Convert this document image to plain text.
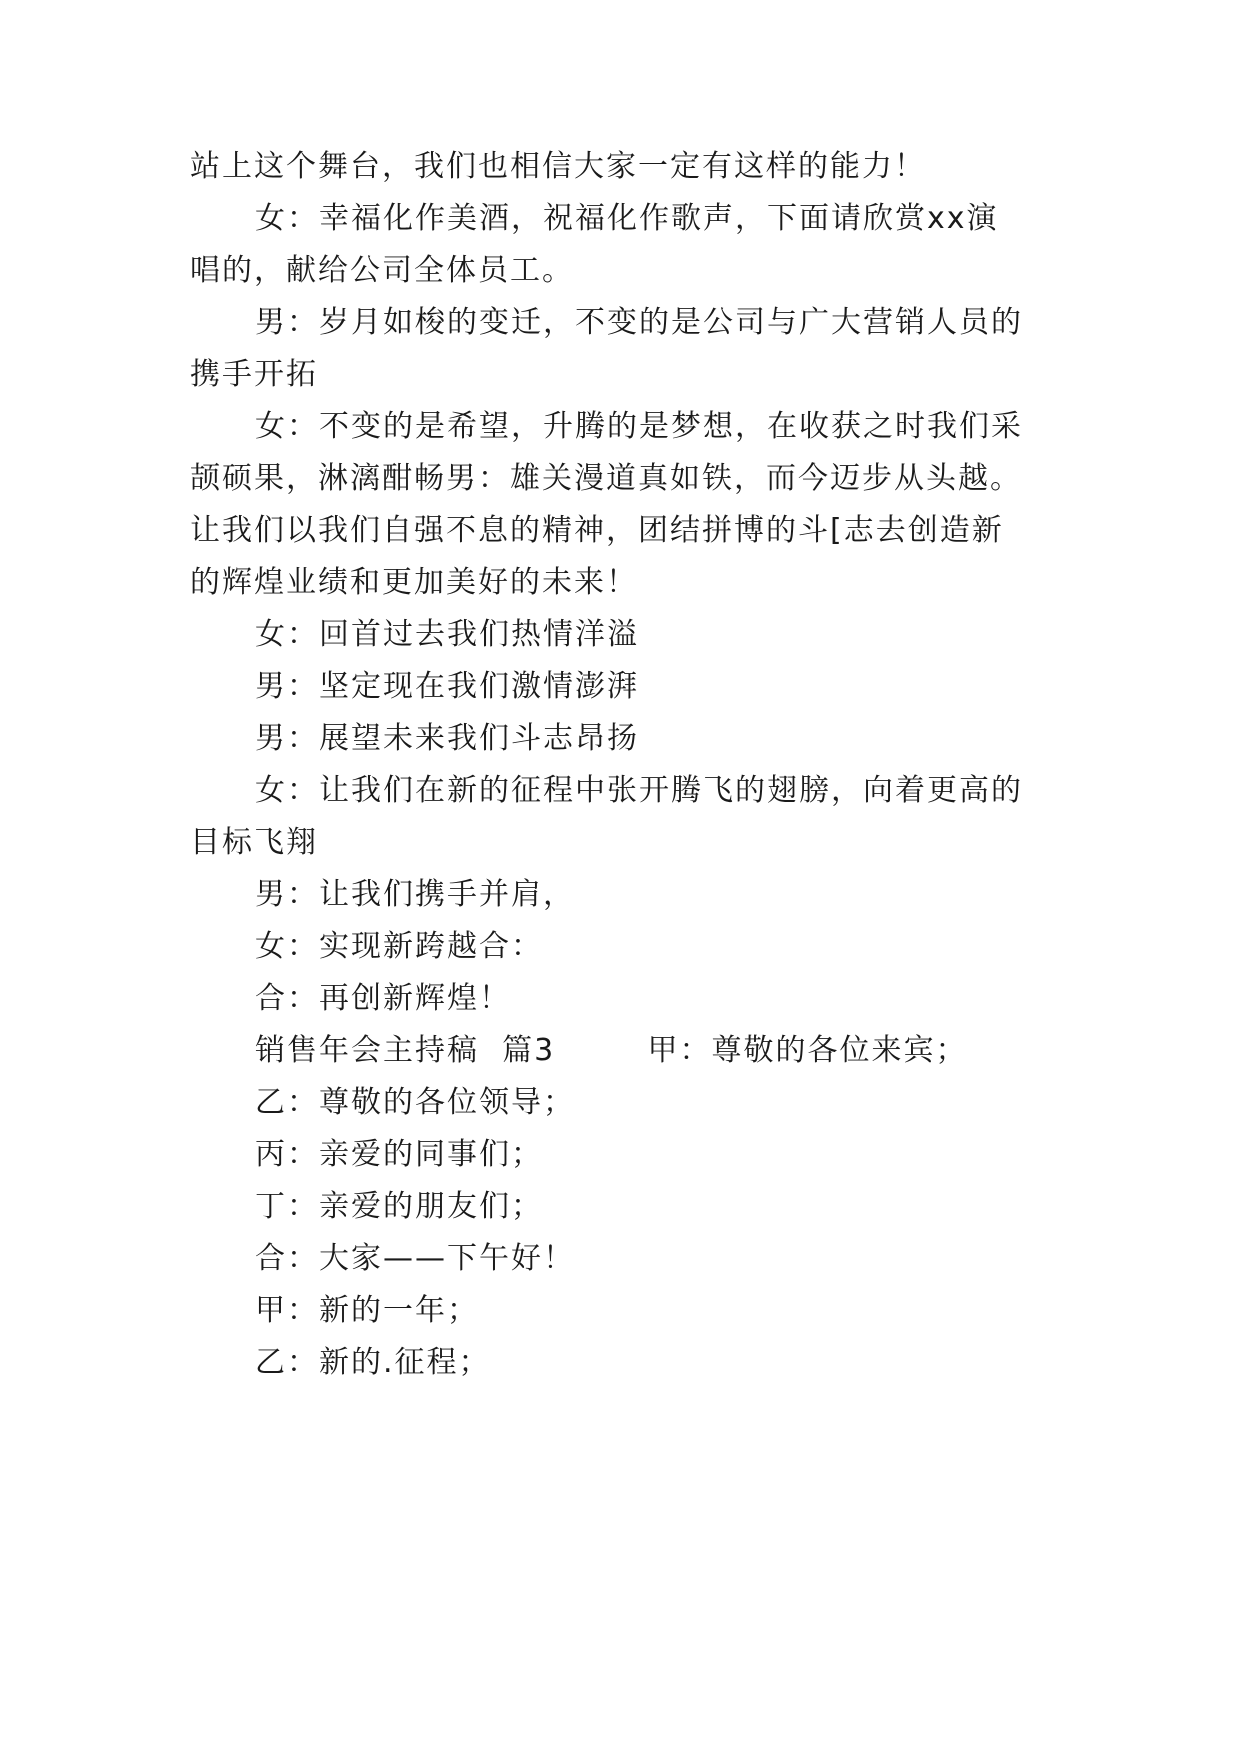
站上这个舞台，我们也相信大家一定有这样的能力！
女：幸福化作美酒，祝福化作歌声，下面请欣赏xx演
唱的，献给公司全体员工。
男：岁月如梭的变迁，不变的是公司与广大营销人员的
携手开拓
女：不变的是希望，升腾的是梦想，在收获之时我们采
颉硕果，淋漓酣畅男：雄关漫道真如铁，而今迈步从头越。
让我们以我们自强不息的精神，团结拼博的斗[志去创造新
的辉煌业绩和更加美好的未来！
女：回首过去我们热情洋溢
男：坚定现在我们激情澎湃
男：展望未来我们斗志昂扬
女：让我们在新的征程中张开腾飞的翅膀，向着更高的
目标飞翔
男：让我们携手并肩，
女：实现新跨越合：
合：再创新辉煌！
销售年会主持稿  篇3        甲：尊敬的各位来宾；
乙：尊敬的各位领导；
丙：亲爱的同事们；
丁：亲爱的朋友们；
合：大家——下午好！
甲：新的一年；
乙：新的.征程；
